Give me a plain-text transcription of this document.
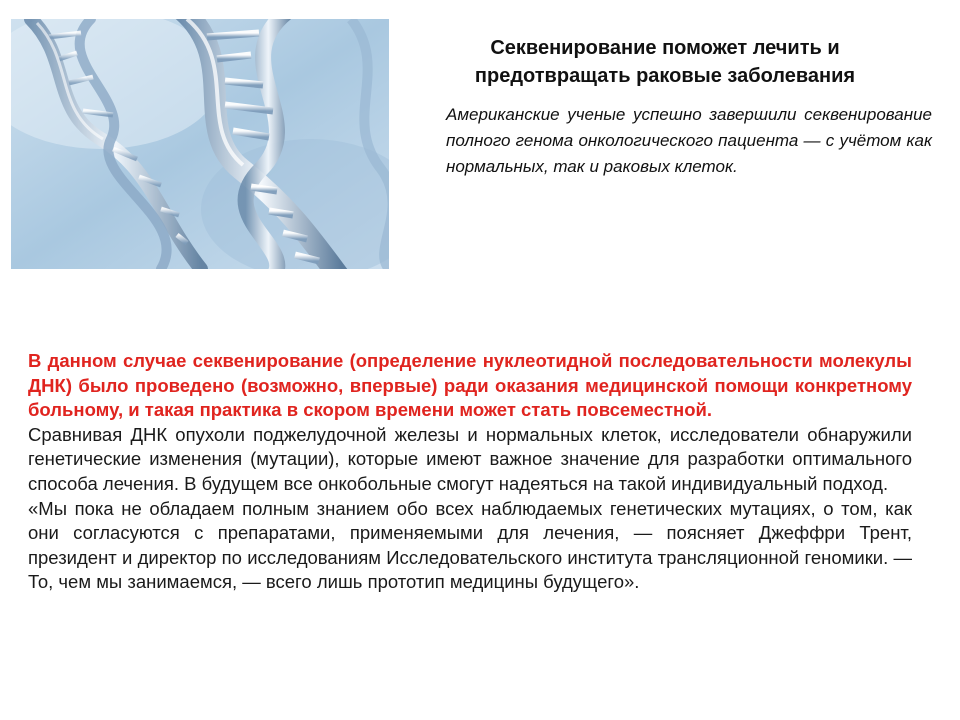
Секвенирование поможет лечить и предотвращать раковые заболевания
Американские ученые успешно завершили секвенирование полного генома онкологического пациента — с учётом как нормальных, так и раковых клеток.

В данном случае секвенирование (определение нуклеотидной последовательности молекулы ДНК) было проведено (возможно, впервые) ради оказания медицинской помощи конкретному больному, и такая практика в скором времени может стать повсеместной.

Сравнивая ДНК опухоли поджелудочной железы и нормальных клеток, исследователи обнаружили генетические изменения (мутации), которые имеют важное значение для разработки оптимального способа лечения. В будущем все онкобольные смогут надеяться на такой индивидуальный подход.

«Мы пока не обладаем полным знанием обо всех наблюдаемых генетических мутациях, о том, как они согласуются с препаратами, применяемыми для лечения, — поясняет Джеффри Трент, президент и директор по исследованиям Исследовательского института трансляционной геномики. — То, чем мы занимаемся, — всего лишь прототип медицины будущего».
